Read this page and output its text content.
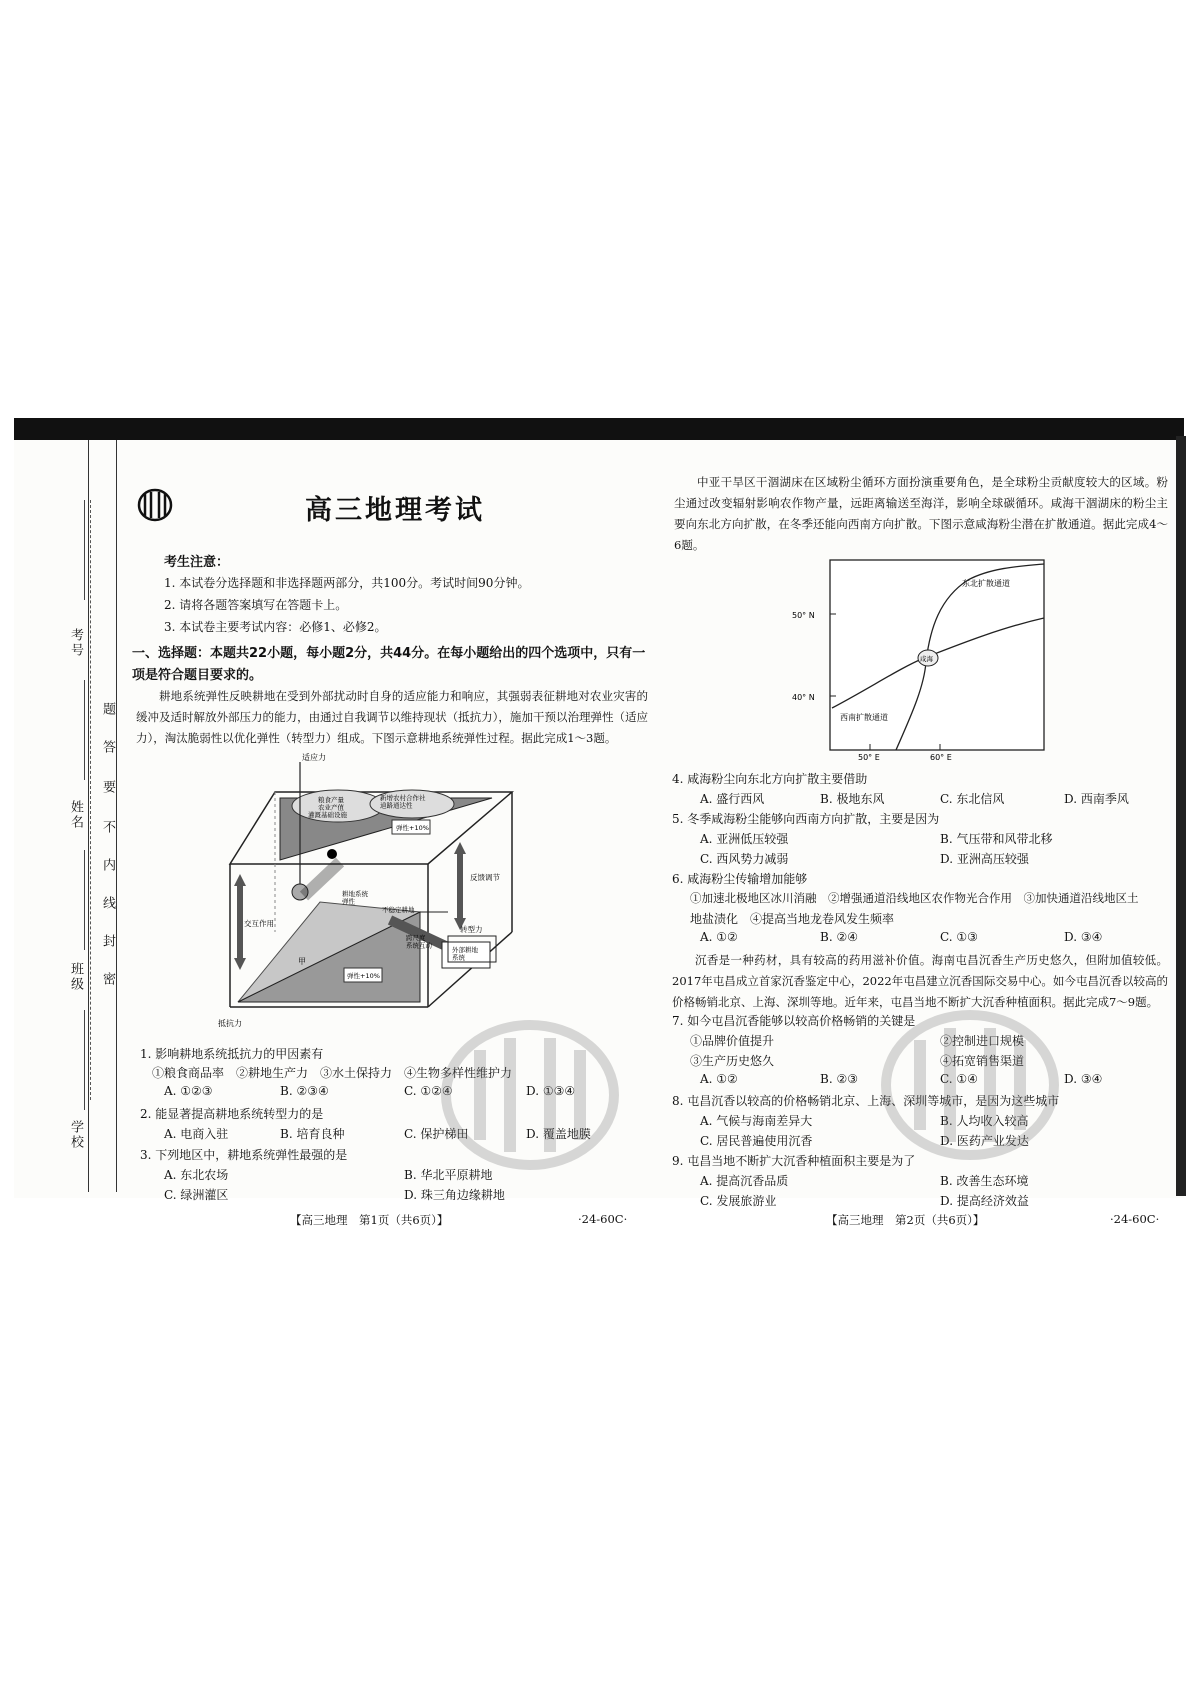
考号
姓名
班级
学校
题
答
要
不
内
线
封
密
高三地理考试
考生注意：
1. 本试卷分选择题和非选择题两部分，共100分。考试时间90分钟。
2. 请将各题答案填写在答题卡上。
3. 本试卷主要考试内容：必修1、必修2。
一、选择题：本题共22小题，每小题2分，共44分。在每小题给出的四个选项中，只有一项是符合题目要求的。
耕地系统弹性反映耕地在受到外部扰动时自身的适应能力和响应，其强弱表征耕地对农业灾害的缓冲及适时解放外部压力的能力，由通过自我调节以维持现状（抵抗力），施加干预以治理弹性（适应力），淘汰脆弱性以优化弹性（转型力）组成。下图示意耕地系统弹性过程。据此完成1～3题。
适应力
粮食产量农业产值
新增农村合作社道路通达性
灌溉基础设施
弹性+10%
反馈调节
交互作用
耕地系统弹性
不稳定耕地
转型力
跨尺度系统互动
外部耕地系统
弹性+10%
甲
抵抗力
1. 影响耕地系统抵抗力的甲因素有
①粮食商品率　②耕地生产力　③水土保持力　④生物多样性维护力
A. ①②③	B. ②③④	C. ①②④	D. ①③④
2. 能显著提高耕地系统转型力的是
A. 电商入驻	B. 培育良种	C. 保护梯田	D. 覆盖地膜
3. 下列地区中，耕地系统弹性最强的是
A. 东北农场	B. 华北平原耕地
C. 绿洲灌区	D. 珠三角边缘耕地
【高三地理　第1页（共6页）】	·24-60C·
中亚干旱区干涸湖床在区域粉尘循环方面扮演重要角色，是全球粉尘贡献度较大的区域。粉尘通过改变辐射影响农作物产量，远距离输送至海洋，影响全球碳循环。咸海干涸湖床的粉尘主要向东北方向扩散，在冬季还能向西南方向扩散。下图示意咸海粉尘潜在扩散通道。据此完成4～6题。
50° N
40° N
50° E	60° E
东北扩散通道
西南扩散通道
咸海
4. 咸海粉尘向东北方向扩散主要借助
A. 盛行西风	B. 极地东风	C. 东北信风	D. 西南季风
5. 冬季咸海粉尘能够向西南方向扩散，主要是因为
A. 亚洲低压较强	B. 气压带和风带北移
C. 西风势力减弱	D. 亚洲高压较强
6. 咸海粉尘传输增加能够
①加速北极地区冰川消融　②增强通道沿线地区农作物光合作用　③加快通道沿线地区土
地盐渍化　④提高当地龙卷风发生频率
A. ①②	B. ②④	C. ①③	D. ③④
沉香是一种药材，具有较高的药用滋补价值。海南屯昌沉香生产历史悠久，但附加值较低。2017年屯昌成立首家沉香鉴定中心，2022年屯昌建立沉香国际交易中心。如今屯昌沉香以较高的价格畅销北京、上海、深圳等地。近年来，屯昌当地不断扩大沉香种植面积。据此完成7～9题。
7. 如今屯昌沉香能够以较高价格畅销的关键是
①品牌价值提升	②控制进口规模
③生产历史悠久	④拓宽销售渠道
A. ①②	B. ②③	C. ①④	D. ③④
8. 屯昌沉香以较高的价格畅销北京、上海、深圳等城市，是因为这些城市
A. 气候与海南差异大	B. 人均收入较高
C. 居民普遍使用沉香	D. 医药产业发达
9. 屯昌当地不断扩大沉香种植面积主要是为了
A. 提高沉香品质	B. 改善生态环境
C. 发展旅游业	D. 提高经济效益
【高三地理　第2页（共6页）】	·24-60C·
